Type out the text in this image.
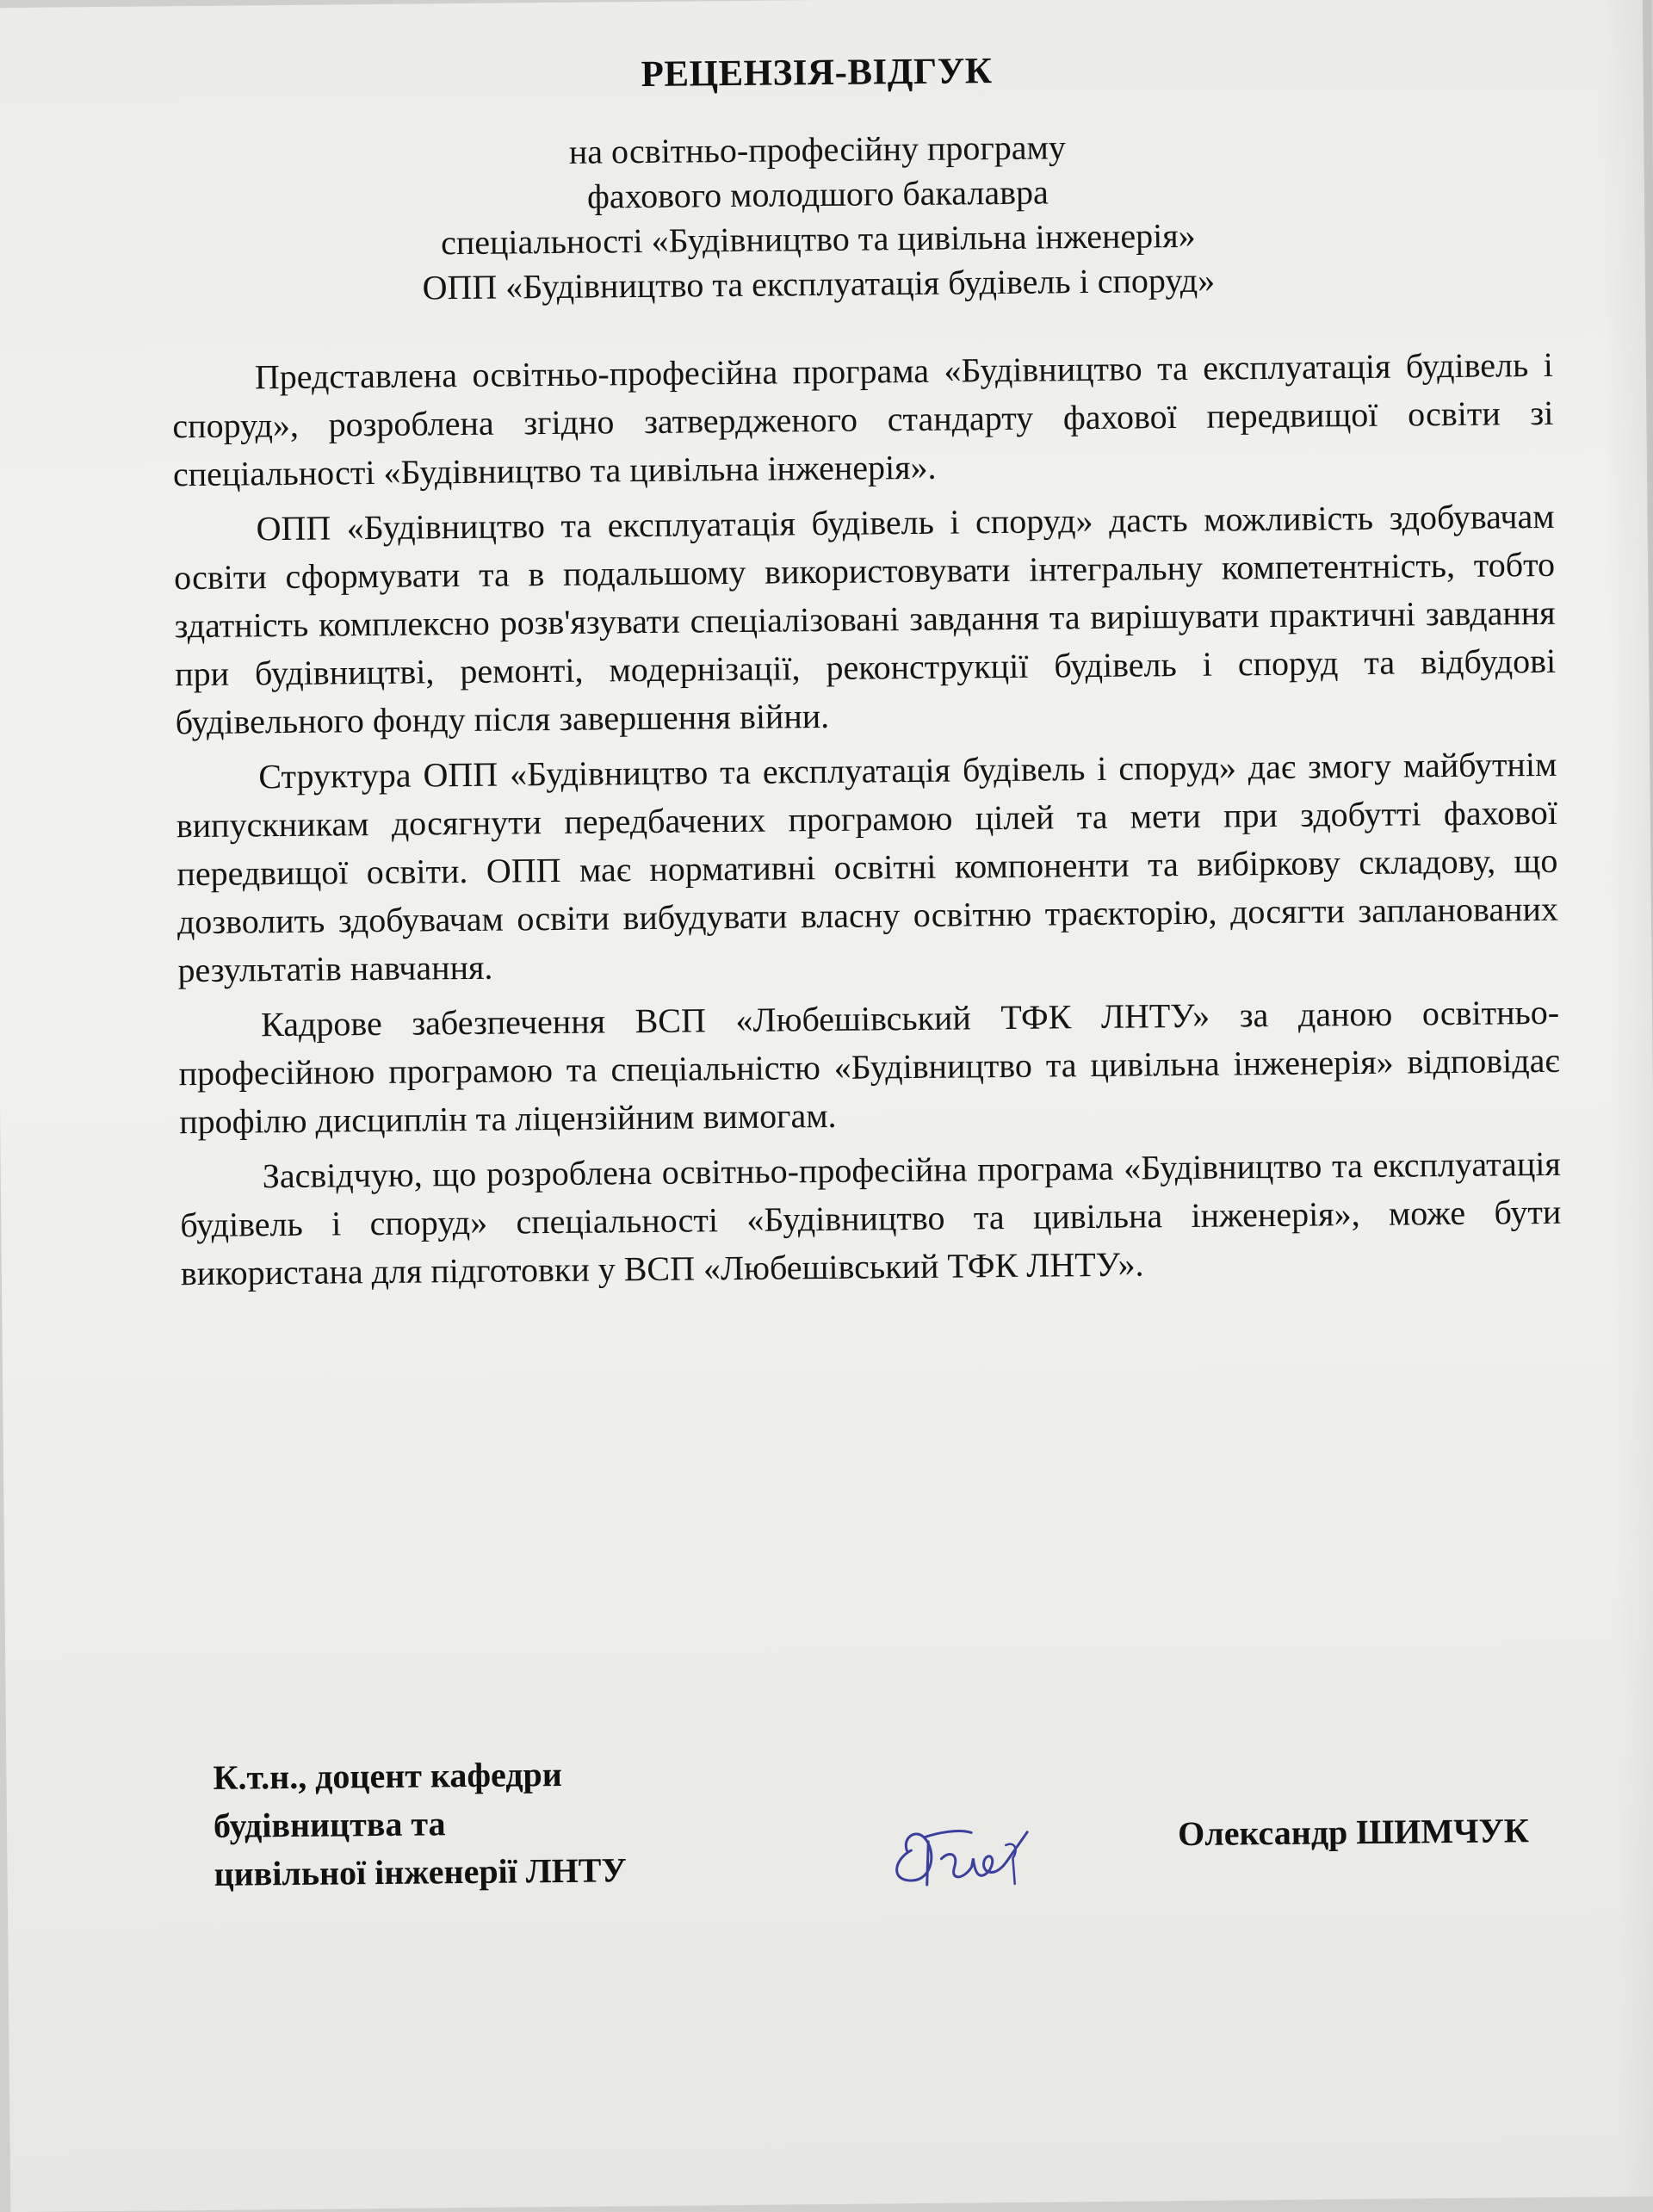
РЕЦЕНЗІЯ-ВІДГУК
на освітньо-професійну програму
фахового молодшого бакалавра
спеціальності «Будівництво та цивільна інженерія»
ОПП «Будівництво та експлуатація будівель і споруд»

Представлена освітньо-професійна програма «Будівництво та експлуатація будівель і споруд», розроблена згідно затвердженого стандарту фахової передвищої освіти зі спеціальності «Будівництво та цивільна інженерія».

ОПП «Будівництво та експлуатація будівель і споруд» дасть можливість здобувачам освіти сформувати та в подальшому використовувати інтегральну компетентність, тобто здатність комплексно розв'язувати спеціалізовані завдання та вирішувати практичні завдання при будівництві, ремонті, модернізації, реконструкції будівель і споруд та відбудові будівельного фонду після завершення війни.

Структура ОПП «Будівництво та експлуатація будівель і споруд» дає змогу майбутнім випускникам досягнути передбачених програмою цілей та мети при здобутті фахової передвищої освіти. ОПП має нормативні освітні компоненти та вибіркову складову, що дозволить здобувачам освіти вибудувати власну освітню траєкторію, досягти запланованих результатів навчання.

Кадрове забезпечення ВСП «Любешівський ТФК ЛНТУ» за даною освітньо-професійною програмою та спеціальністю «Будівництво та цивільна інженерія» відповідає профілю дисциплін та ліцензійним вимогам.

Засвідчую, що розроблена освітньо-професійна програма «Будівництво та експлуатація будівель і споруд» спеціальності «Будівництво та цивільна інженерія», може бути використана для підготовки у ВСП «Любешівський ТФК ЛНТУ».

К.т.н., доцент кафедри
будівництва та
цивільної інженерії ЛНТУ
Олександр ШИМЧУК
